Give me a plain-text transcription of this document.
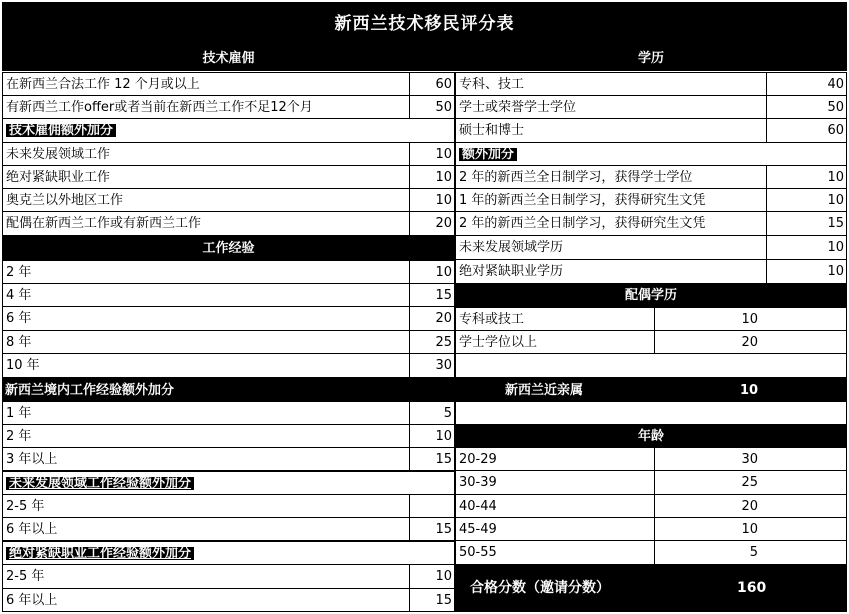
新西兰技术移民评分表
技术雇佣
在新西兰合法工作 12 个月或以上	60
有新西兰工作offer或者当前在新西兰工作不足12个月	50
技术雇佣额外加分
未来发展领域工作	10
绝对紧缺职业工作	10
奥克兰以外地区工作	10
配偶在新西兰工作或有新西兰工作	20
工作经验
2 年	10
4 年	15
6 年	20
8 年	25
10 年	30
新西兰境内工作经验额外加分
1 年	5
2 年	10
3 年以上	15
未来发展领域工作经验额外加分
2-5 年
6 年以上	15
绝对紧缺职业工作经验额外加分
2-5 年	10
6 年以上	15
学历
专科、技工	40
学士或荣誉学士学位	50
硕士和博士	60
额外加分
2 年的新西兰全日制学习，获得学士学位	10
1 年的新西兰全日制学习，获得研究生文凭	10
2 年的新西兰全日制学习，获得研究生文凭	15
未来发展领域学历	10
绝对紧缺职业学历	10
配偶学历
专科或技工	10
学士学位以上	20
新西兰近亲属	10
年龄
20-29	30
30-39	25
40-44	20
45-49	10
50-55	5
合格分数（邀请分数）	160
